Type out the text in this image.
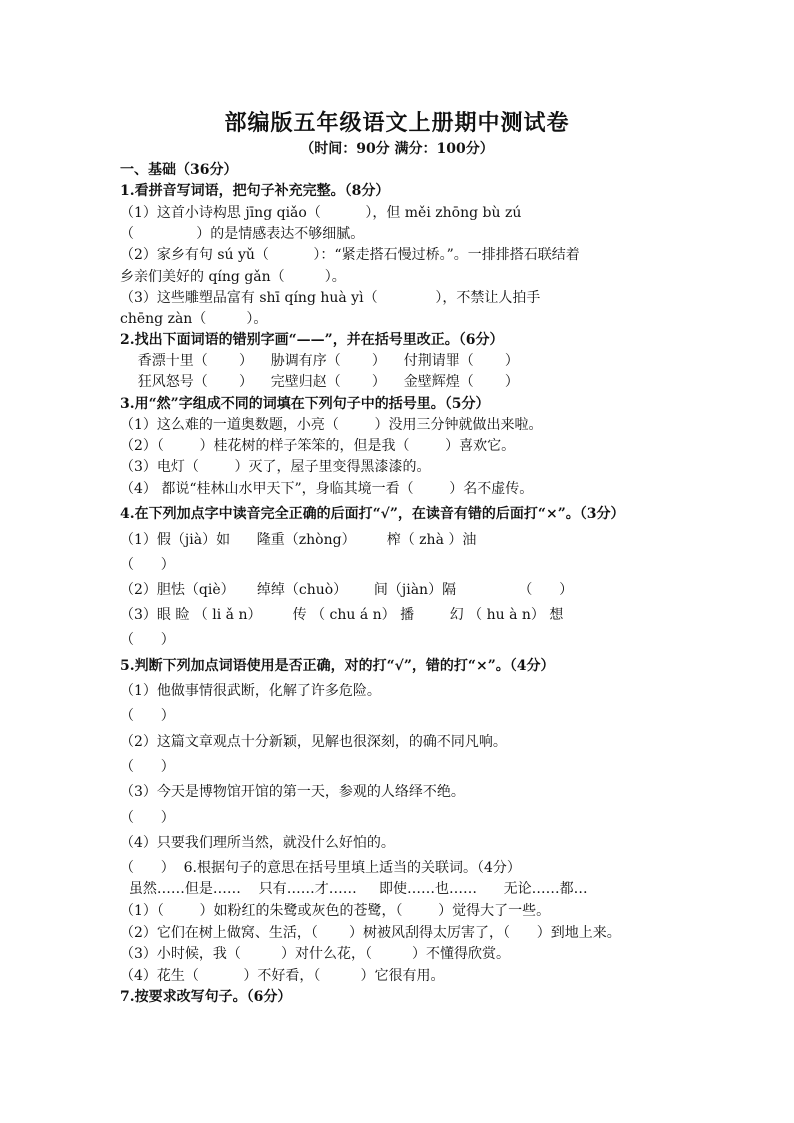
部编版五年级语文上册期中测试卷
（时间：90分 满分：100分）
一、基础（36分）
1.看拼音写词语，把句子补充完整。（8分）
（1）这首小诗构思 jīng qiǎo（          ），但 měi zhōng bù zú
（              ）的是情感表达不够细腻。
（2）家乡有句 sú yǔ（          ）：“紧走搭石慢过桥。”。一排排搭石联结着
乡亲们美好的 qíng gǎn（         ）。
（3）这些雕塑品富有 shī qíng huà yì（             ），不禁让人拍手
chēng zàn（         ）。
2.找出下面词语的错别字画“——”，并在括号里改正。（6分）
香漂十里（       ）    胁调有序（       ）    付荆请罪（       ）
狂风怒号（       ）    完壁归赵（       ）    金壁辉煌（       ）
3.用“然”字组成不同的词填在下列句子中的括号里。（5分）
（1）这么难的一道奥数题，小亮（        ）没用三分钟就做出来啦。
（2）（        ）桂花树的样子笨笨的，但是我（        ）喜欢它。
（3）电灯（        ）灭了，屋子里变得黑漆漆的。
（4） 都说“桂林山水甲天下”，身临其境一看（        ）名不虚传。
4.在下列加点字中读音完全正确的后面打“√”，在读音有错的后面打“×”。（3分）
（1）假（jià）如      隆重（zhòng）       榨（ zhà ）油
（      ）
（2）胆怯（qiè）     绰绰（chuò）      间（jiàn）隔              （      ）
（3）眼 睑 （ li ǎ n）       传 （ chu á n） 播        幻 （ hu à n） 想
（      ）
5.判断下列加点词语使用是否正确，对的打“√”，错的打“×”。（4分）
（1）他做事情很武断，化解了许多危险。
（      ）
（2）这篇文章观点十分新颖，见解也很深刻，的确不同凡响。
（      ）
（3）今天是博物馆开馆的第一天，参观的人络绎不绝。
（      ）
（4）只要我们理所当然，就没什么好怕的。
（      ）  6.根据句子的意思在括号里填上适当的关联词。（4分）
虽然……但是……    只有……才……     即使……也……      无论……都…
（1）（        ）如粉红的朱鹭或灰色的苍鹭，（        ）觉得大了一些。
（2）它们在树上做窝、生活，（       ）树被风刮得太厉害了，（      ）到地上来。
（3）小时候，我（         ）对什么花，（         ）不懂得欣赏。
（4）花生（          ）不好看，（         ）它很有用。
7.按要求改写句子。（6分）
